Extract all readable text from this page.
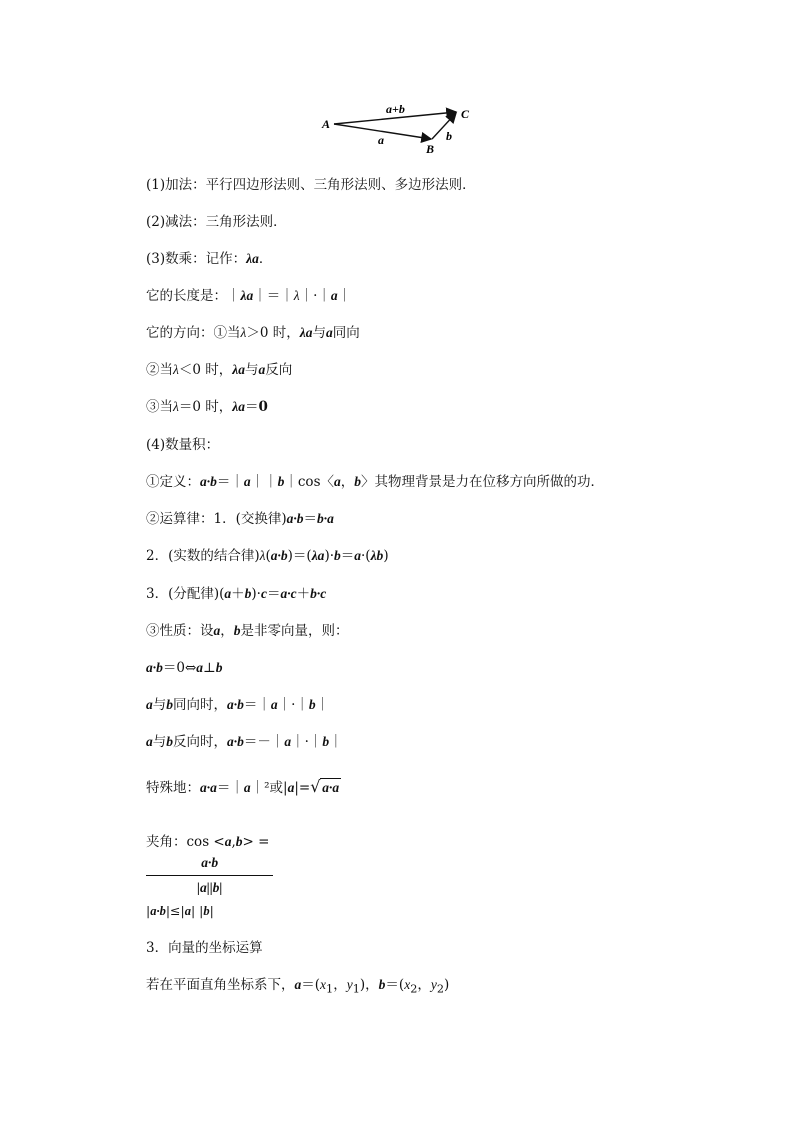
A
B
C
a	b
a+b
(1)加法：平行四边形法则、三角形法则、多边形法则．
(2)减法：三角形法则．
(3)数乘：记作：λa．
它的长度是：｜λa｜＝｜λ｜·｜a｜
它的方向：①当λ＞0 时，λa与a同向
②当λ＜0 时，λa与a反向
③当λ＝0 时，λa＝0
(4)数量积：
①定义：a·b＝｜a｜｜b｜cos〈a，b〉其物理背景是力在位移方向所做的功．
②运算律：1．(交换律)a·b＝b·a
2．(实数的结合律)λ(a·b)＝(λa)·b＝a·(λb)
3．(分配律)(a＋b)·c＝a·c＋b·c
③性质：设a，b是非零向量，则：
a·b＝0⇔a⊥b
a与b同向时，a·b＝｜a｜·｜b｜
a与b反向时，a·b＝－｜a｜·｜b｜
特殊地：a·a＝｜a｜²或|a|= √ a·a
夹角：cos <a,b> =
a·b
|a||b|
|a·b|≤|a| |b|
3．向量的坐标运算
若在平面直角坐标系下，$a=(x_1$，$y_1$)，$b=(x_2$，$y_2$)
